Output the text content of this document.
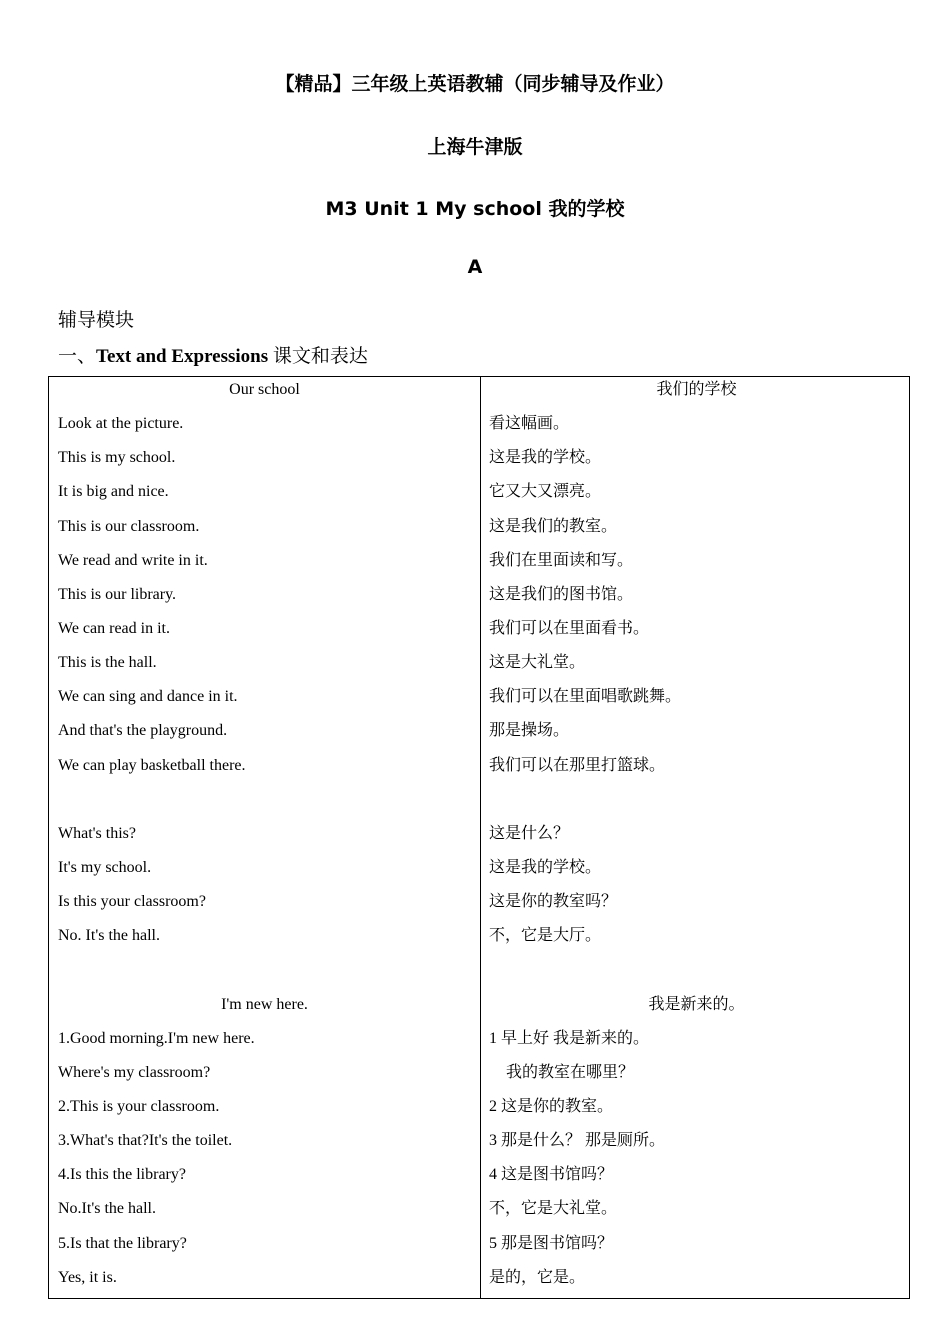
【精品】三年级上英语教辅（同步辅导及作业）
上海牛津版
M3 Unit 1 My school 我的学校
A
辅导模块
一、Text and Expressions 课文和表达
Our school
Look at the picture.
This is my school.
It is big and nice.
This is our classroom.
We read and write in it.
This is our library.
We can read in it.
This is the hall.
We can sing and dance in it.
And that's the playground.
We can play basketball there.
What's this?
It's my school.
Is this your classroom?
No. It's the hall.
I'm new here.
1.Good morning.I'm new here.
Where's my classroom?
2.This is your classroom.
3.What's that?It's the toilet.
4.Is this the library?
No.It's the hall.
5.Is that the library?
Yes, it is.
我们的学校
看这幅画。
这是我的学校。
它又大又漂亮。
这是我们的教室。
我们在里面读和写。
这是我们的图书馆。
我们可以在里面看书。
这是大礼堂。
我们可以在里面唱歌跳舞。
那是操场。
我们可以在那里打篮球。
这是什么？
这是我的学校。
这是你的教室吗？
不，它是大厅。
我是新来的。
1 早上好 我是新来的。
我的教室在哪里？
2 这是你的教室。
3 那是什么？ 那是厕所。
4 这是图书馆吗？
不，它是大礼堂。
5 那是图书馆吗？
是的，它是。
